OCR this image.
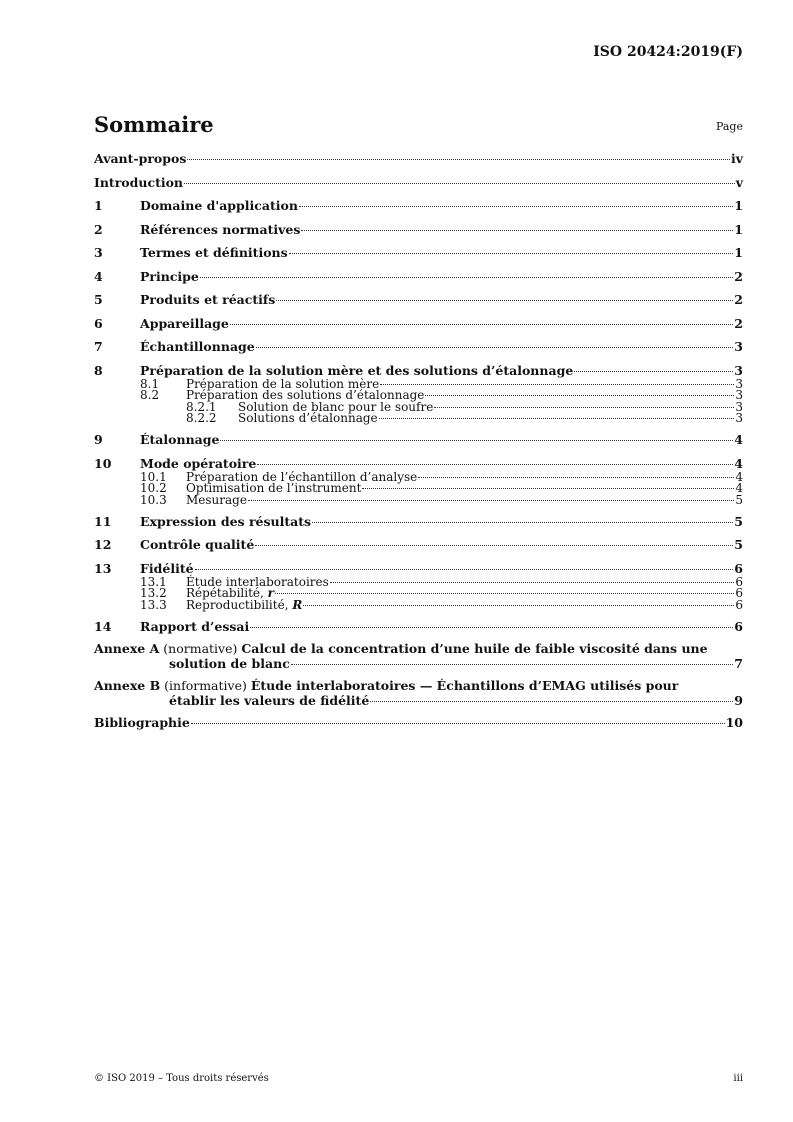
ISO 20424:2019(F)
Sommaire	Page
Avant-propos	iv
Introduction	v
1	Domaine d'application	1
2	Références normatives	1
3	Termes et définitions	1
4	Principe	2
5	Produits et réactifs	2
6	Appareillage	2
7	Échantillonnage	3
8	Préparation de la solution mère et des solutions d’étalonnage	3
8.1	Préparation de la solution mère	3
8.2	Préparation des solutions d’étalonnage	3
8.2.1	Solution de blanc pour le soufre	3
8.2.2	Solutions d’étalonnage	3
9	Étalonnage	4
10	Mode opératoire	4
10.1	Préparation de l’échantillon d’analyse	4
10.2	Optimisation de l’instrument	4
10.3	Mesurage	5
11	Expression des résultats	5
12	Contrôle qualité	5
13	Fidélité	6
13.1	Étude interlaboratoires	6
13.2	Répétabilité, r	6
13.3	Reproductibilité, R	6
14	Rapport d’essai	6
Annexe A (normative) Calcul de la concentration d’une huile de faible viscosité dans une
solution de blanc	7
Annexe B (informative) Étude interlaboratoires — Échantillons d’EMAG utilisés pour
établir les valeurs de fidélité	9
Bibliographie	10
© ISO 2019 – Tous droits réservés	iii
